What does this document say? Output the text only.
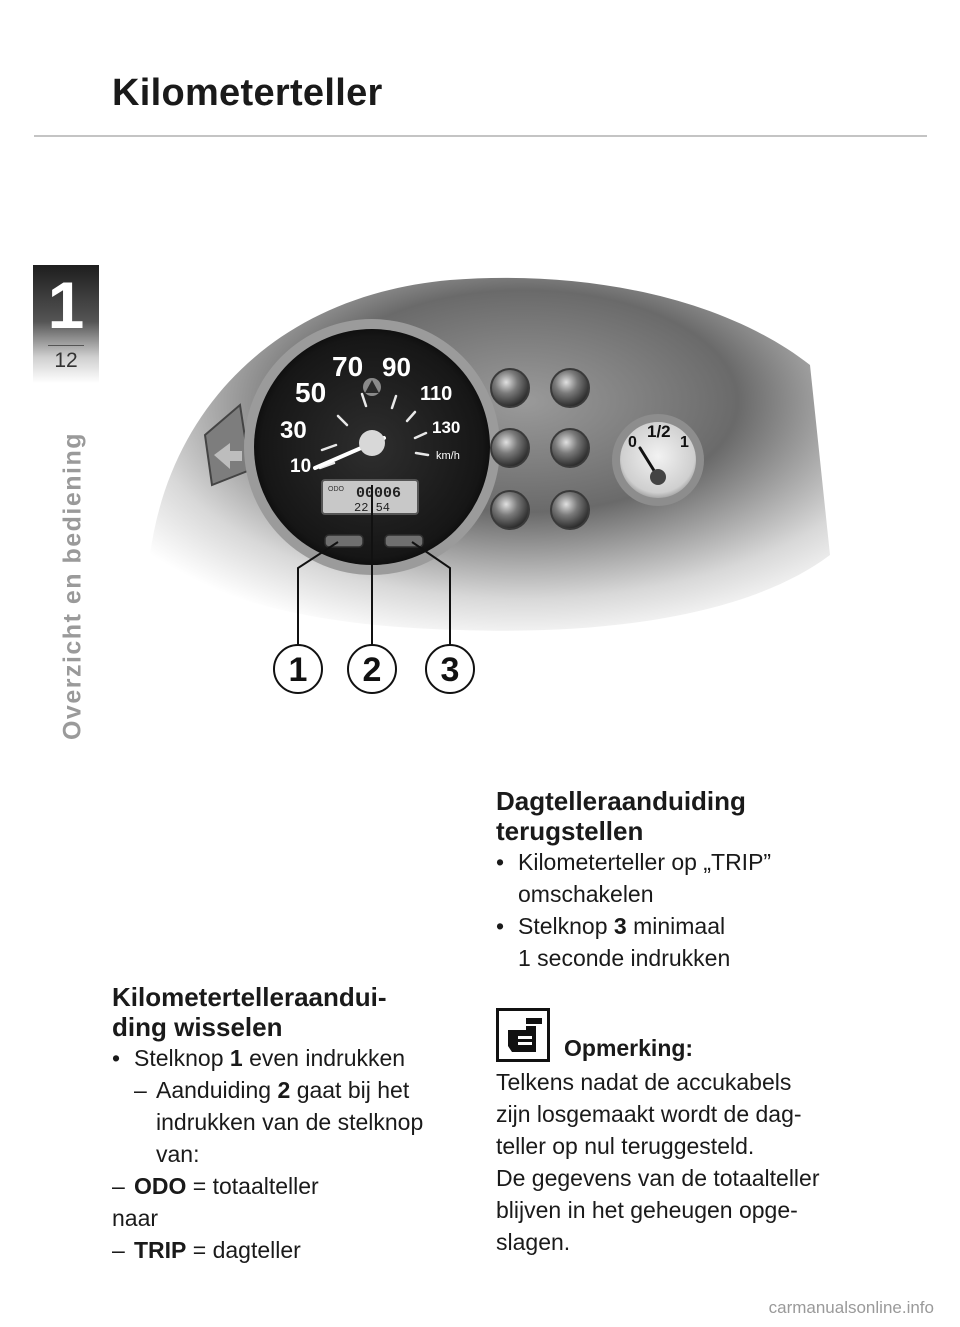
Kilometerteller
1
12
Overzicht en bediening	10
30
50
70 90
110
130
km/h
ODO 00006
22:54
0
1/2
1
1 2 3

Kilometertelleraandui-
ding wisselen

• Stelknop 1 even indrukken
– Aanduiding 2 gaat bij het
indrukken van de stelknop
van:
– ODO = totaalteller
naar
– TRIP = dagteller

Dagtelleraanduiding
terugstellen

• Kilometerteller op „TRIP”
omschakelen
• Stelknop 3 minimaal
1 seconde indrukken
Opmerking:
Telkens nadat de accukabels
zijn losgemaakt wordt de dag-
teller op nul teruggesteld.
De gegevens van de totaalteller
blijven in het geheugen opge-
slagen.
carmanualsonline.info
